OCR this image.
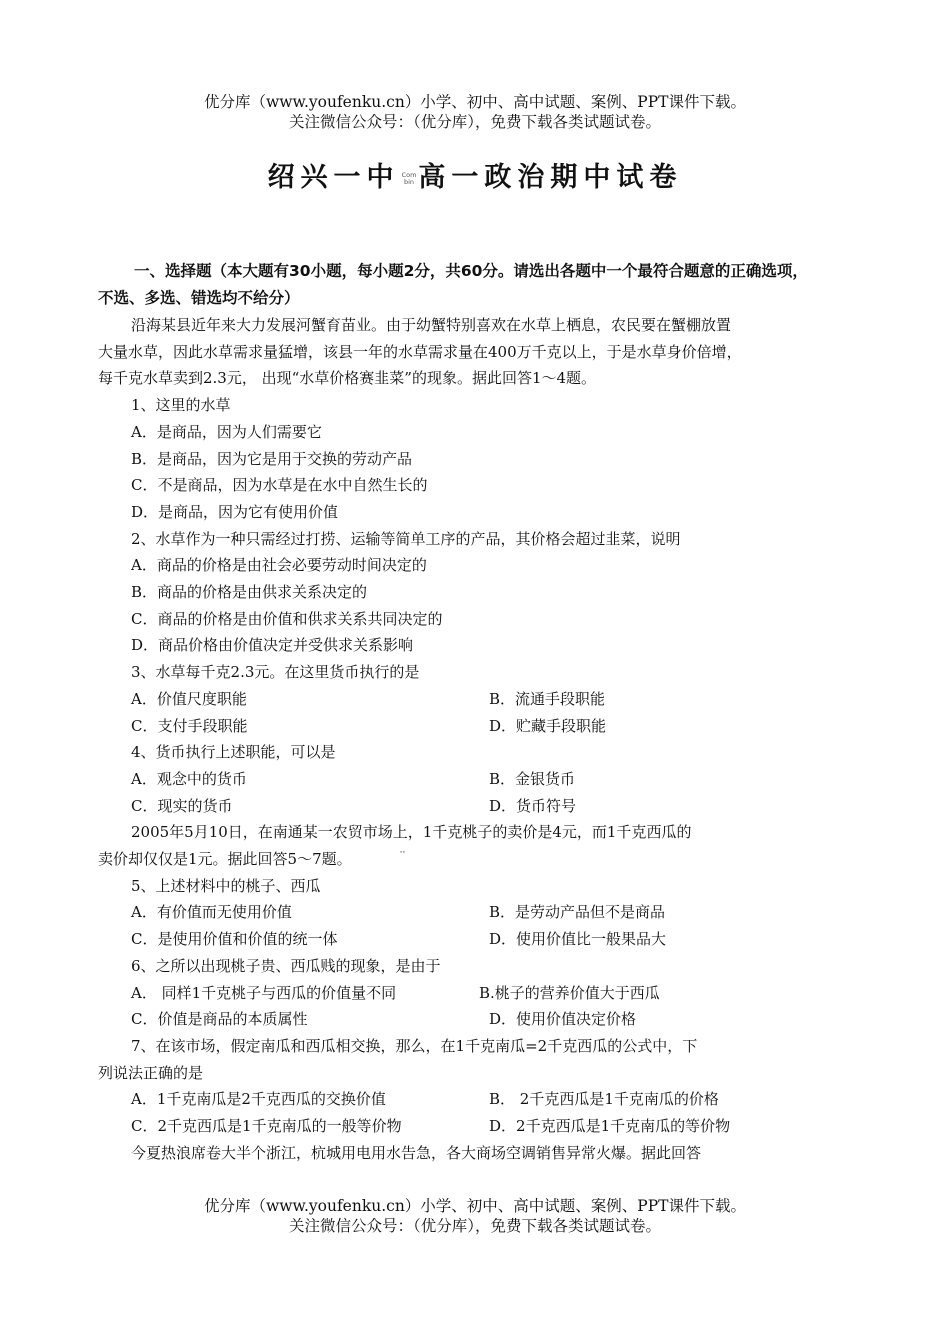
优分库（www.youfenku.cn）小学、初中、高中试题、案例、PPT课件下载。
关注微信公众号：（优分库），免费下载各类试题试卷。
绍兴一中 Com
bin 高一政治期中试卷

一、选择题（本大题有30小题，每小题2分，共60分。请选出各题中一个最符合题意的正确选项，不选、多选、错选均不给分）

沿海某县近年来大力发展河蟹育苗业。由于幼蟹特别喜欢在水草上栖息，农民要在蟹棚放置

大量水草，因此水草需求量猛增，该县一年的水草需求量在400万千克以上，于是水草身价倍增，

每千克水草卖到2.3元， 出现“水草价格赛韭菜”的现象。据此回答1～4题。

1、这里的水草

A．是商品，因为人们需要它

B．是商品，因为它是用于交换的劳动产品

C．不是商品，因为水草是在水中自然生长的

D．是商品，因为它有使用价值

2、水草作为一种只需经过打捞、运输等简单工序的产品，其价格会超过韭菜，说明

A．商品的价格是由社会必要劳动时间决定的

B．商品的价格是由供求关系决定的

C．商品的价格是由价值和供求关系共同决定的

D．商品价格由价值决定并受供求关系影响

3、水草每千克2.3元。在这里货币执行的是

A．价值尺度职能	B．流通手段职能
C．支付手段职能	D．贮藏手段职能

4、货币执行上述职能，可以是

A．观念中的货币	B．金银货币
C．现实的货币	D．货币符号

2005年5月10日，在南通某一农贸市场上，1千克桃子的卖价是4元，而1千克西瓜的

卖价却仅仅是1元。据此回答5～7题。	··

5、上述材料中的桃子、西瓜

A．有价值而无使用价值	B．是劳动产品但不是商品
C．是使用价值和价值的统一体	D．使用价值比一般果品大

6、之所以出现桃子贵、西瓜贱的现象，是由于

A． 同样1千克桃子与西瓜的价值量不同	B.桃子的营养价值大于西瓜
C．价值是商品的本质属性	D．使用价值决定价格

7、在该市场，假定南瓜和西瓜相交换，那么，在1千克南瓜=2千克西瓜的公式中，下

列说法正确的是

A．1千克南瓜是2千克西瓜的交换价值	B． 2千克西瓜是1千克南瓜的价格
C．2千克西瓜是1千克南瓜的一般等价物	D．2千克西瓜是1千克南瓜的等价物

今夏热浪席卷大半个浙江，杭城用电用水告急，各大商场空调销售异常火爆。据此回答

优分库（www.youfenku.cn）小学、初中、高中试题、案例、PPT课件下载。
关注微信公众号：（优分库），免费下载各类试题试卷。
